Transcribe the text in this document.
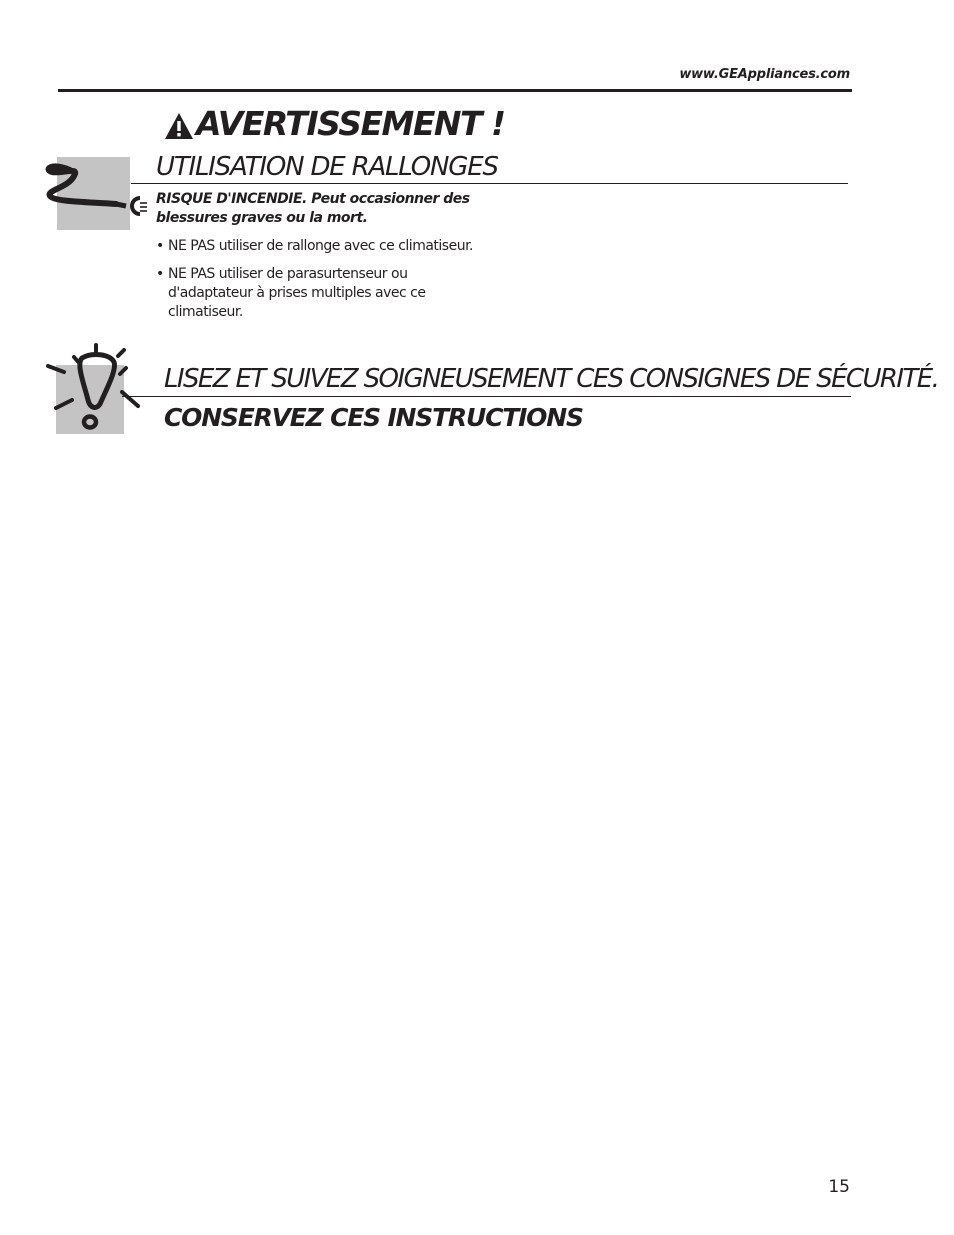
www.GEAppliances.com
AVERTISSEMENT !
UTILISATION DE RALLONGES
RISQUE D'INCENDIE. Peut occasionner des blessures graves ou la mort.
• NE PAS utiliser de rallonge avec ce climatiseur.
• NE PAS utiliser de parasurtenseur ou d'adaptateur à prises multiples avec ce climatiseur.
LISEZ ET SUIVEZ SOIGNEUSEMENT CES CONSIGNES DE SÉCURITÉ.
CONSERVEZ CES INSTRUCTIONS
15
